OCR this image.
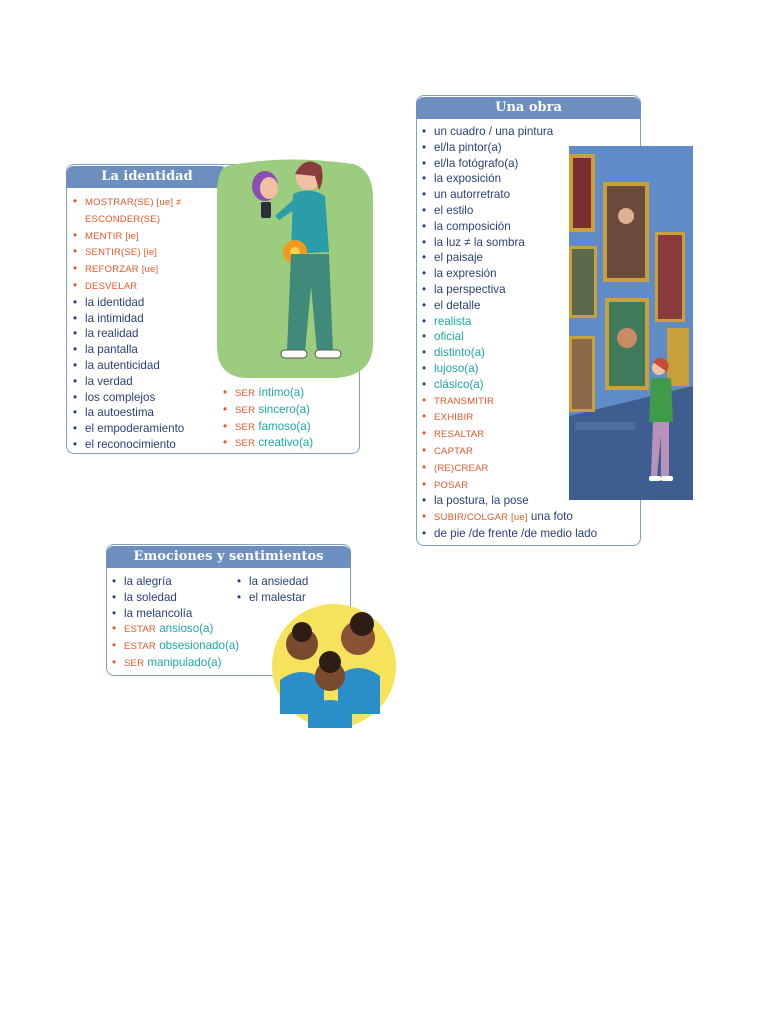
La identidad
• MOSTRAR(SE) [ue] ≠
ESCONDER(SE)
• MENTIR [ie]
• SENTIR(SE) [ie]
• REFORZAR [ue]
• DESVELAR
• la identidad
• la intimidad
• la realidad
• la pantalla
• la autenticidad
• la verdad
• los complejos
• la autoestima
• el empoderamiento
• el reconocimiento
• SER íntimo(a)
• SER sincero(a)
• SER famoso(a)
• SER creativo(a)
Una obra
• un cuadro / una pintura
• el/la pintor(a)
• el/la fotógrafo(a)
• la exposición
• un autorretrato
• el estilo
• la composición
• la luz ≠ la sombra
• el paisaje
• la expresión
• la perspectiva
• el detalle
• realista
• oficial
• distinto(a)
• lujoso(a)
• clásico(a)
• TRANSMITIR
• EXHIBIR
• RESALTAR
• CAPTAR
• (RE)CREAR
• POSAR
• la postura, la pose
• SUBIR/COLGAR [ue] una foto
• de pie /de frente /de medio lado
Emociones y sentimientos
• la alegría
• la soledad
• la melancolía
• ESTAR ansioso(a)
• ESTAR obsesionado(a)
• SER manipulado(a)
• la ansiedad
• el malestar
